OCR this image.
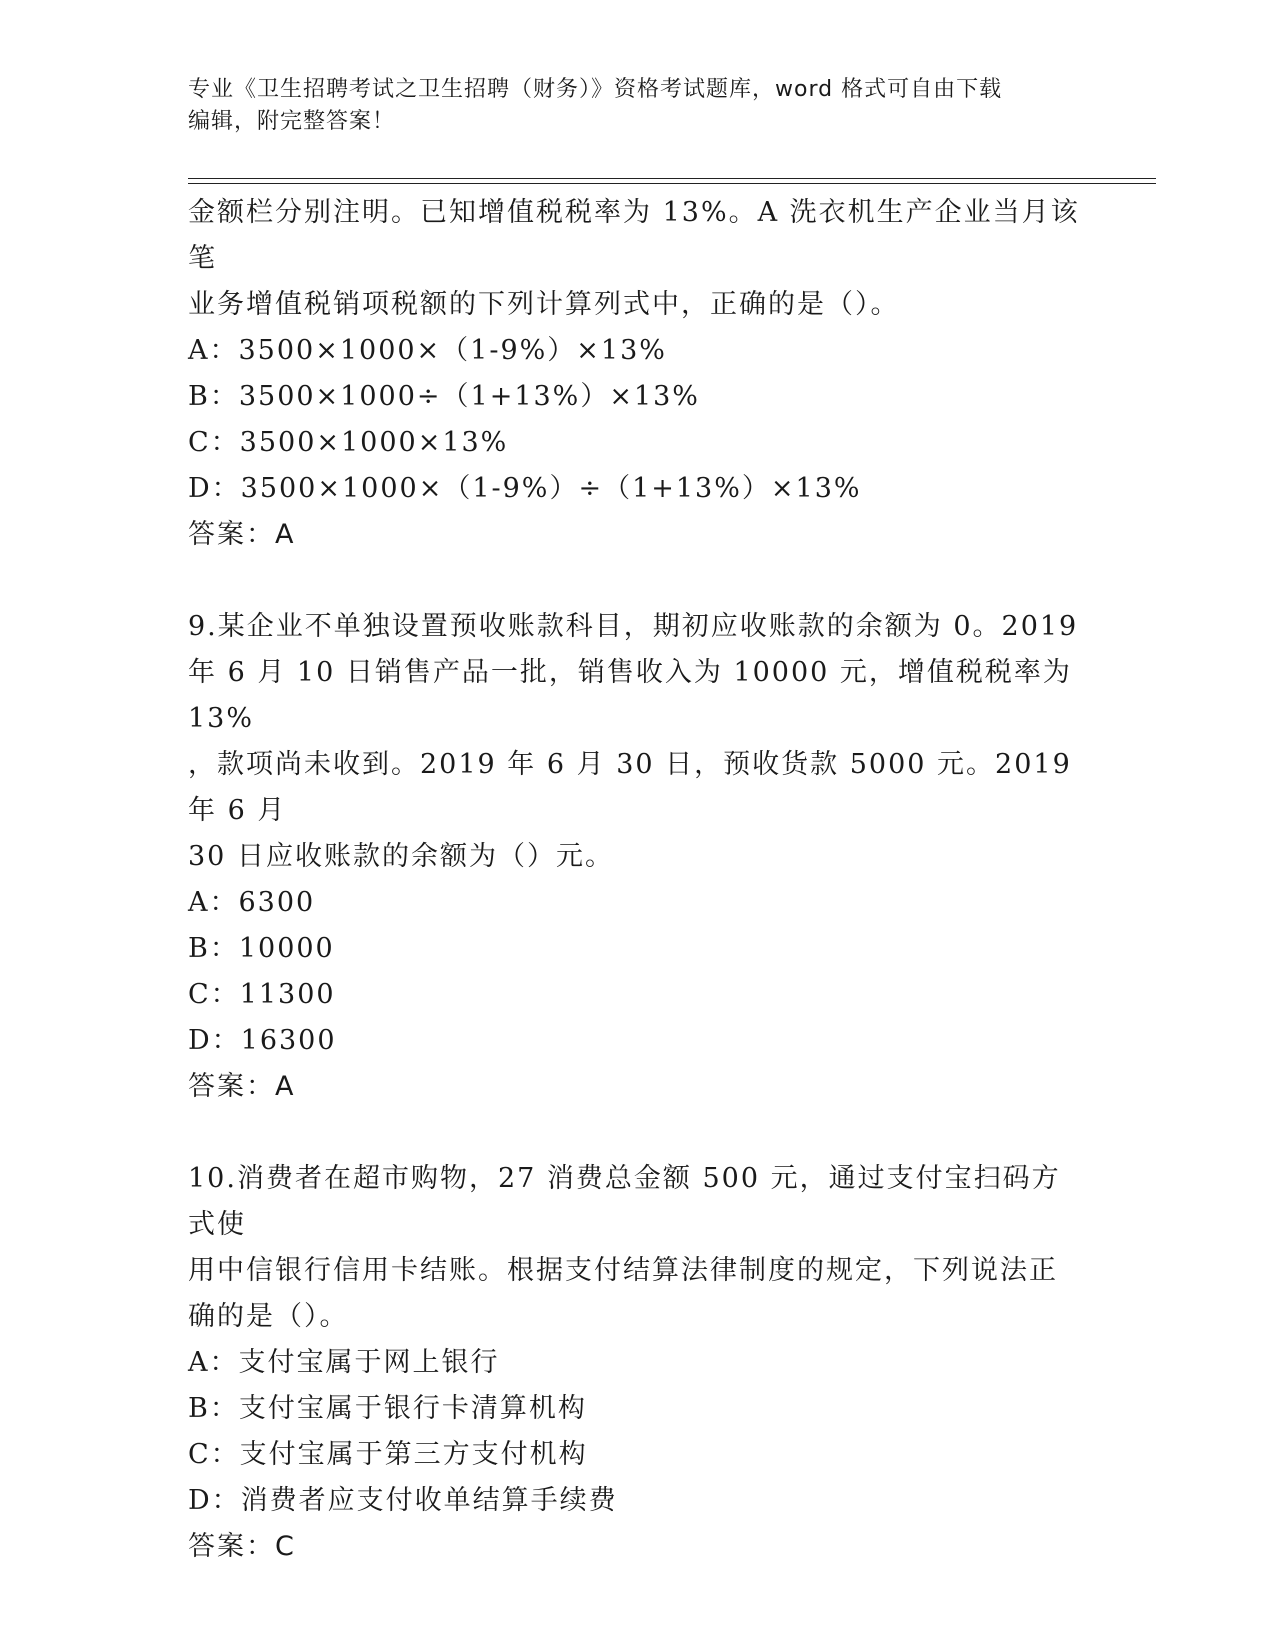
专业《卫生招聘考试之卫生招聘（财务）》资格考试题库，word 格式可自由下载
编辑，附完整答案！
金额栏分别注明。已知增值税税率为 13%。A 洗衣机生产企业当月该笔
业务增值税销项税额的下列计算列式中，正确的是（）。
A：3500×1000×（1-9%）×13%
B：3500×1000÷（1+13%）×13%
C：3500×1000×13%
D：3500×1000×（1-9%）÷（1+13%）×13%
答案：A
9.某企业不单独设置预收账款科目，期初应收账款的余额为 0。2019
年 6 月 10 日销售产品一批，销售收入为 10000 元，增值税税率为 13%
，款项尚未收到。2019 年 6 月 30 日，预收货款 5000 元。2019 年 6 月
30 日应收账款的余额为（）元。
A：6300
B：10000
C：11300
D：16300
答案：A
10.消费者在超市购物，27 消费总金额 500 元，通过支付宝扫码方式使
用中信银行信用卡结账。根据支付结算法律制度的规定，下列说法正
确的是（）。
A：支付宝属于网上银行
B：支付宝属于银行卡清算机构
C：支付宝属于第三方支付机构
D：消费者应支付收单结算手续费
答案：C
